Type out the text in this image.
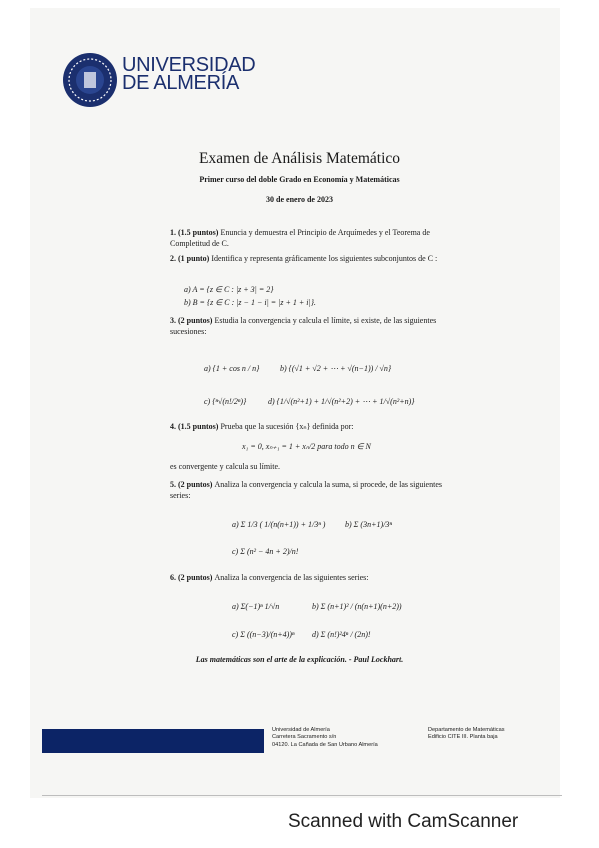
UNIVERSIDAD
DE ALMERÍA
Examen de Análisis Matemático
Primer curso del doble Grado en Economía y Matemáticas
30 de enero de 2023
1. (1.5 puntos) Enuncia y demuestra el Principio de Arquímedes y el Teorema de Completitud de C.
2. (1 punto) Identifica y representa gráficamente los siguientes subconjuntos de C :
a) A = {z ∈ C : |z + 3| = 2}
b) B = {z ∈ C : |z − 1 − i| = |z + 1 + i|}.
3. (2 puntos) Estudia la convergencia y calcula el límite, si existe, de las siguientes sucesiones:
a) {1 + cos n / n}	b) {(√1 + √2 + ⋯ + √(n−1)) / √n}
c) {ⁿ√(n!/2ⁿ)}	d) {1/√(n²+1) + 1/√(n²+2) + ⋯ + 1/√(n²+n)}
4. (1.5 puntos) Prueba que la sucesión {xₙ} definida por:
x₁ = 0, xₙ₊₁ = 1 + xₙ/2 para todo n ∈ N
es convergente y calcula su límite.
5. (2 puntos) Analiza la convergencia y calcula la suma, si procede, de las siguientes series:
a) Σ 1/3 ( 1/(n(n+1)) + 1/3ⁿ ) b) Σ (3n+1)/3ⁿ
c) Σ (n² − 4n + 2)/n!
6. (2 puntos) Analiza la convergencia de las siguientes series:
a) Σ(−1)ⁿ 1/√n	b) Σ (n+1)² / (n(n+1)(n+2))
c) Σ ((n−3)/(n+4))ⁿ d) Σ (n!)²4ⁿ / (2n)!
Las matemáticas son el arte de la explicación. - Paul Lockhart.
Universidad de Almería
Carretera Sacramento s/n
04120. La Cañada de San Urbano Almería
Departamento de Matemáticas
Edificio CITE III. Planta baja
Scanned with CamScanner
